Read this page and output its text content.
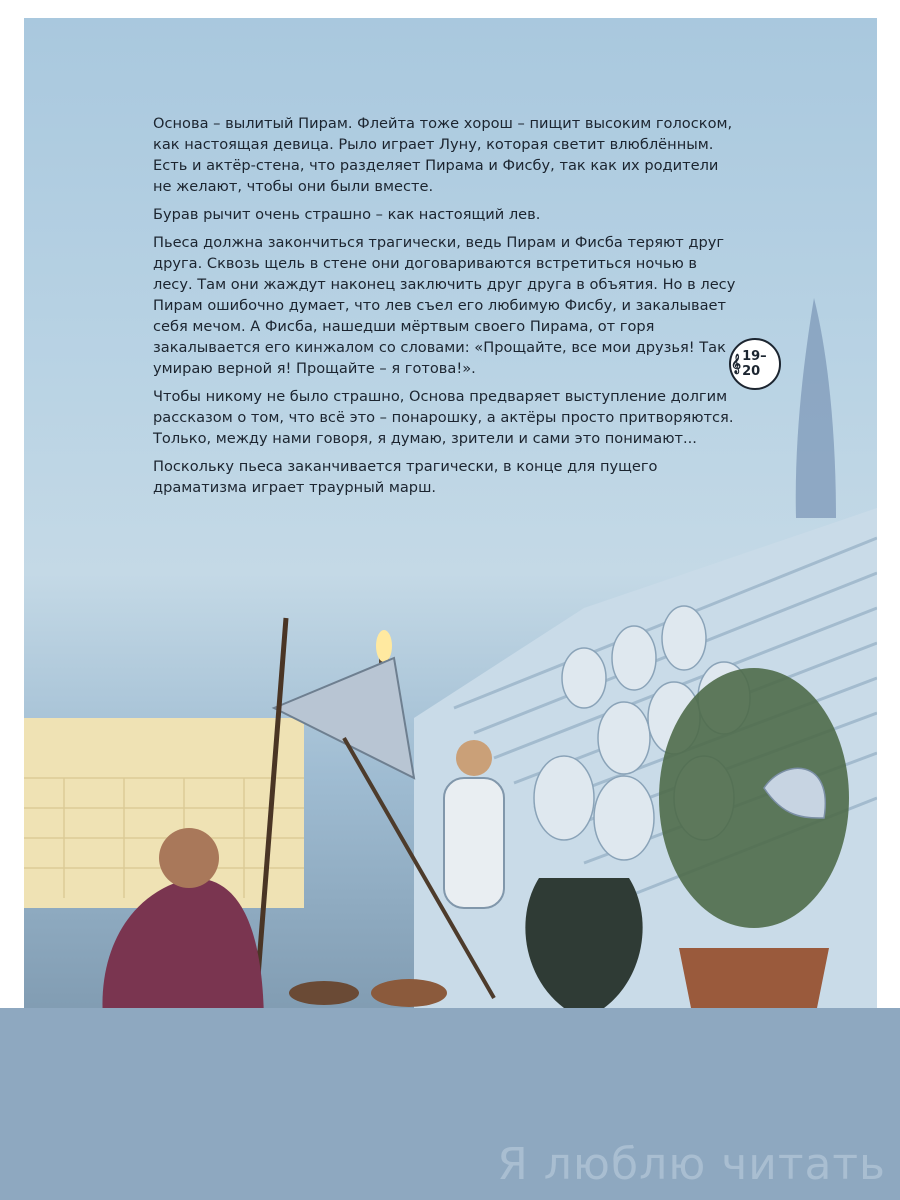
Основа – вылитый Пирам. Флейта тоже хорош – пищит высоким голоском, как настоящая девица. Рыло играет Луну, которая светит влюблённым. Есть и актёр-стена, что разделяет Пирама и Фисбу, так как их родители не желают, чтобы они были вместе.

Бурав рычит очень страшно – как настоящий лев.

Пьеса должна закончиться трагически, ведь Пирам и Фисба теряют друг друга. Сквозь щель в стене они договариваются встретиться ночью в лесу. Там они жаждут наконец заключить друг друга в объятия. Но в лесу Пирам ошибочно думает, что лев съел его любимую Фисбу, и закалывает себя мечом. А Фисба, нашедши мёртвым своего Пирама, от горя закалывается его кинжалом со словами: «Прощайте, все мои друзья! Так умираю верной я! Прощайте – я готова!».

Чтобы никому не было страшно, Основа предваряет выступление долгим рассказом о том, что всё это – понарошку, а актёры просто притворяются. Только, между нами говоря, я думаю, зрители и сами это понимают...

Поскольку пьеса заканчивается трагически, в конце для пущего драматизма играет траурный марш.

𝄞 19–20
Я люблю читать
